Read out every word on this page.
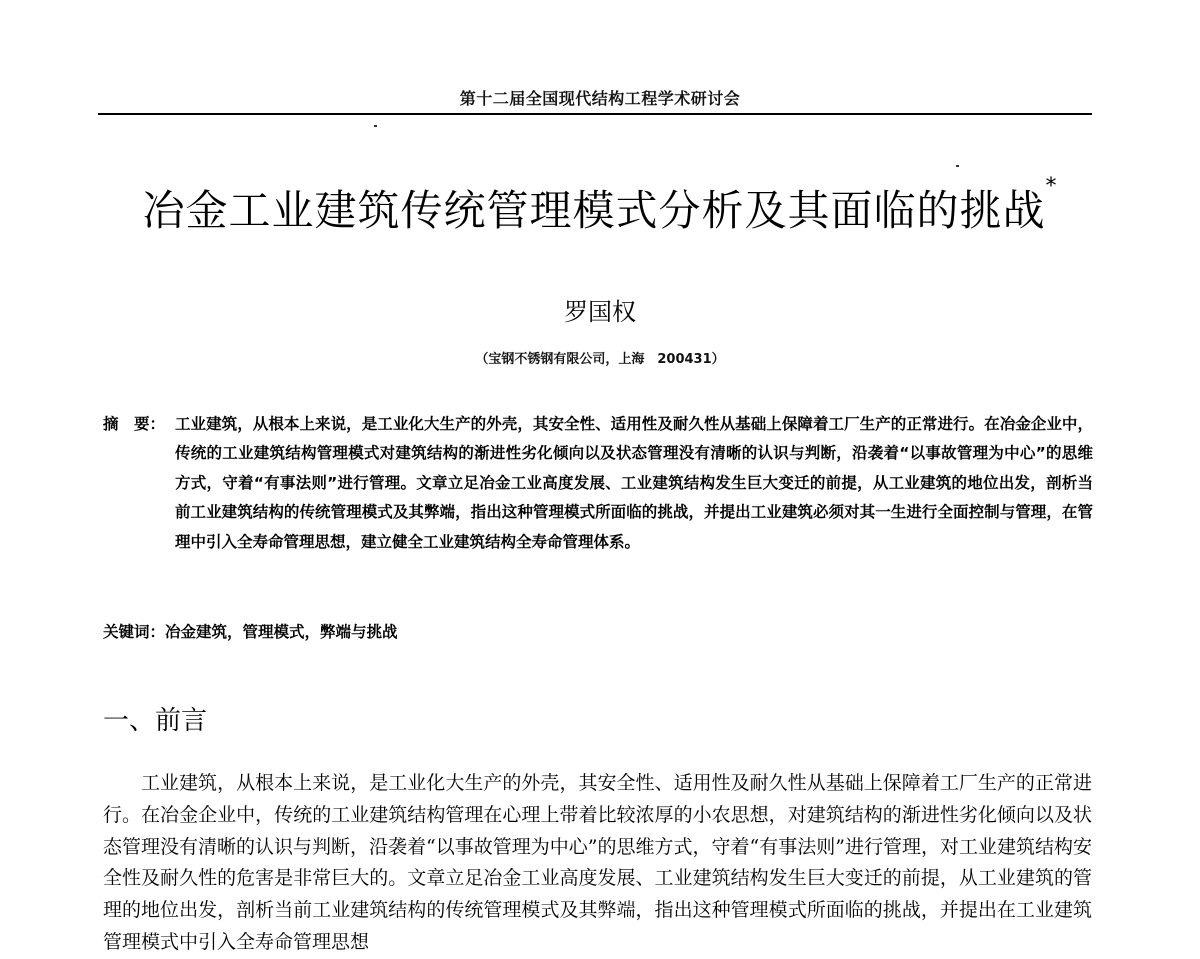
第十二届全国现代结构工程学术研讨会
冶金工业建筑传统管理模式分析及其面临的挑战*
罗国权
（宝钢不锈钢有限公司，上海　200431）
摘　要： 工业建筑，从根本上来说，是工业化大生产的外壳，其安全性、适用性及耐久性从基础上保障着工厂生产的正常进行。在冶金企业中，传统的工业建筑结构管理模式对建筑结构的渐进性劣化倾向以及状态管理没有清晰的认识与判断，沿袭着“以事故管理为中心”的思维方式，守着“有事法则”进行管理。文章立足冶金工业高度发展、工业建筑结构发生巨大变迁的前提，从工业建筑的地位出发，剖析当前工业建筑结构的传统管理模式及其弊端，指出这种管理模式所面临的挑战，并提出工业建筑必须对其一生进行全面控制与管理，在管理中引入全寿命管理思想，建立健全工业建筑结构全寿命管理体系。
关键词：冶金建筑，管理模式，弊端与挑战
一、前言
工业建筑，从根本上来说，是工业化大生产的外壳，其安全性、适用性及耐久性从基础上保障着工厂生产的正常进行。在冶金企业中，传统的工业建筑结构管理在心理上带着比较浓厚的小农思想，对建筑结构的渐进性劣化倾向以及状态管理没有清晰的认识与判断，沿袭着“以事故管理为中心”的思维方式，守着“有事法则”进行管理，对工业建筑结构安全性及耐久性的危害是非常巨大的。文章立足冶金工业高度发展、工业建筑结构发生巨大变迁的前提，从工业建筑的管理的地位出发，剖析当前工业建筑结构的传统管理模式及其弊端，指出这种管理模式所面临的挑战，并提出在工业建筑管理模式中引入全寿命管理思想
